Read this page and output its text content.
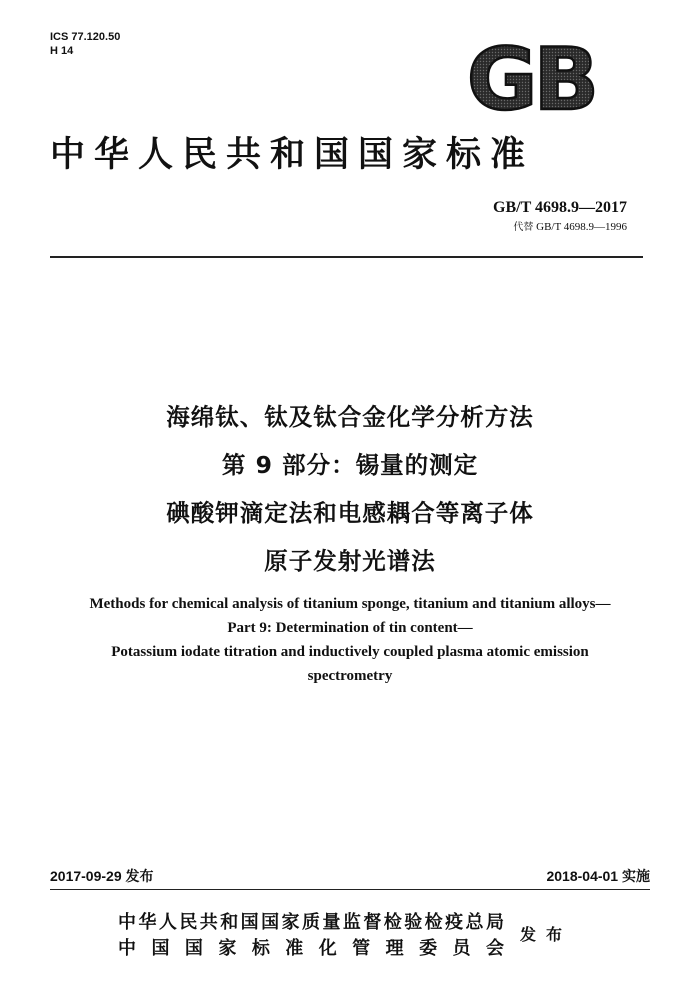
ICS 77.120.50
H 14	GB
中华人民共和国国家标准
GB/T 4698.9—2017
代替 GB/T 4698.9—1996
海绵钛、钛及钛合金化学分析方法
第 9 部分：锡量的测定
碘酸钾滴定法和电感耦合等离子体
原子发射光谱法
Methods for chemical analysis of titanium sponge, titanium and titanium alloys—
Part 9: Determination of tin content—
Potassium iodate titration and inductively coupled plasma atomic emission
spectrometry
2017-09-29 发布	2018-04-01 实施
中华人民共和国国家质量监督检验检疫总局
中国国家标准化管理委员会
发布
